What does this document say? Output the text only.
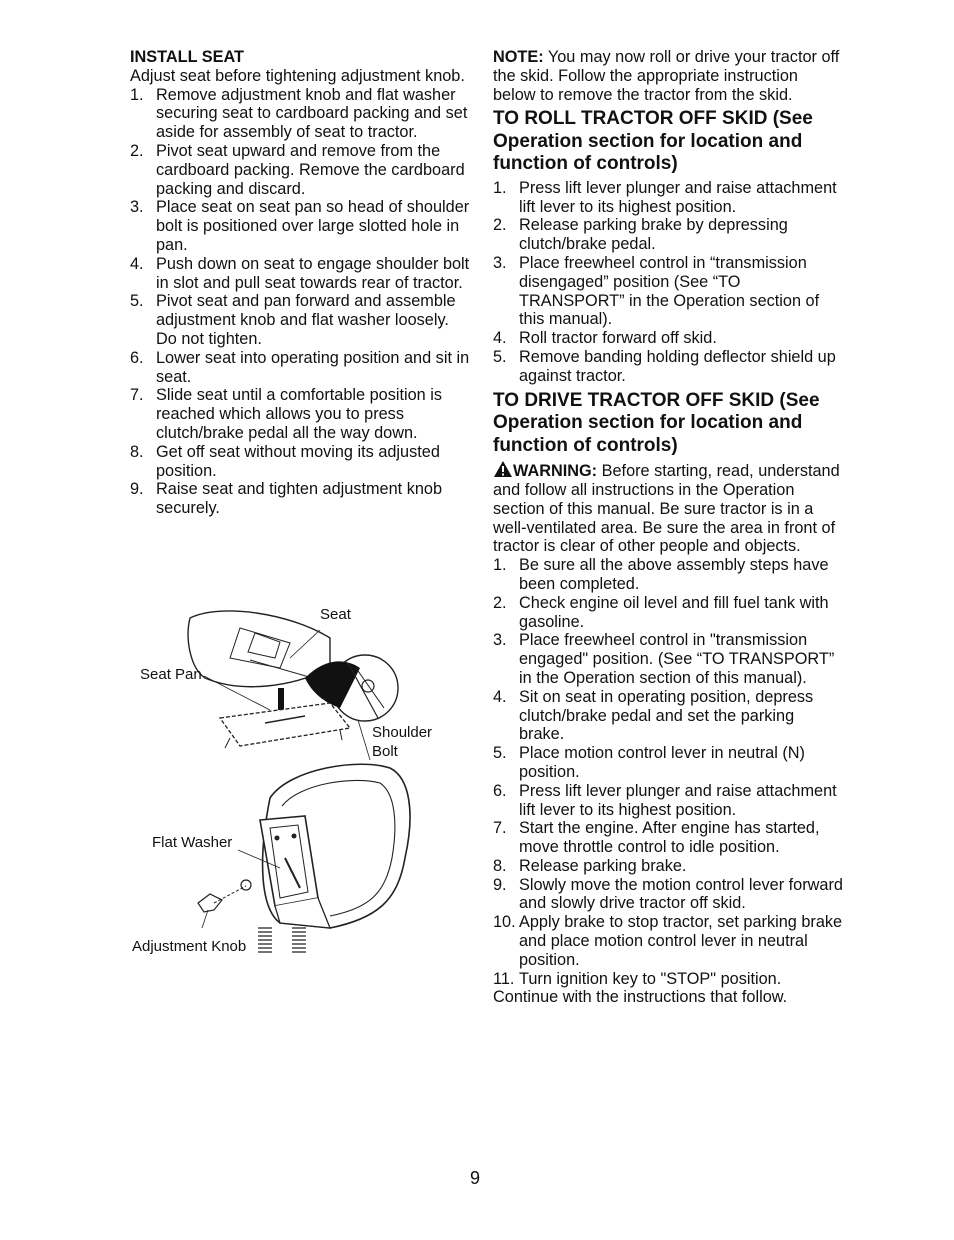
INSTALL SEAT

Adjust seat before tightening adjustment knob.

1. Remove adjustment knob and flat washer securing seat to cardboard packing and set aside for assembly of seat to tractor.
2. Pivot seat upward and remove from the cardboard packing. Remove the cardboard packing and discard.
3. Place seat on seat pan so head of shoulder bolt is positioned over large slotted hole in pan.
4. Push down on seat to engage shoulder bolt in slot and pull seat towards rear of tractor.
5. Pivot seat and pan forward and assemble adjustment knob and flat washer loosely. Do not tighten.
6. Lower seat into operating position and sit in seat.
7. Slide seat until a comfortable position is reached which allows you to press clutch/brake pedal all the way down.
8. Get off seat without moving its adjusted position.
9. Raise seat and tighten adjustment knob securely.
Seat
Seat Pan
Shoulder
Bolt
Flat Washer
Adjustment Knob

NOTE: You may now roll or drive your tractor off the skid. Follow the appropriate instruction below to remove the tractor from the skid.

TO ROLL TRACTOR OFF SKID (See Operation section for location and function of controls)
1. Press lift lever plunger and raise attachment lift lever to its highest position.
2. Release parking brake by depressing clutch/brake pedal.
3. Place freewheel control in “transmission disengaged” position (See “TO TRANSPORT” in the Operation section of this manual).
4. Roll tractor forward off skid.
5. Remove banding holding deflector shield up against tractor.
TO DRIVE TRACTOR OFF SKID (See Operation section for location and function of controls)

WARNING: Before starting, read, understand and follow all instructions in the Operation section of this manual. Be sure tractor is in a well-ventilated area. Be sure the area in front of tractor is clear of other people and objects.

1. Be sure all the above assembly steps have been completed.
2. Check engine oil level and fill fuel tank with gasoline.
3. Place freewheel control in "transmission engaged" position. (See “TO TRANSPORT” in the Operation section of this manual).
4. Sit on seat in operating position, depress clutch/brake pedal and set the parking brake.
5. Place motion control lever in neutral (N) position.
6. Press lift lever plunger and raise attachment lift lever to its highest position.
7. Start the engine. After engine has started, move throttle control to idle position.
8. Release parking brake.
9. Slowly move the motion control lever forward and slowly drive tractor off skid.
10. Apply brake to stop tractor, set parking brake and place motion control lever in neutral position.
11. Turn ignition key to "STOP" position.

Continue with the instructions that follow.

9
